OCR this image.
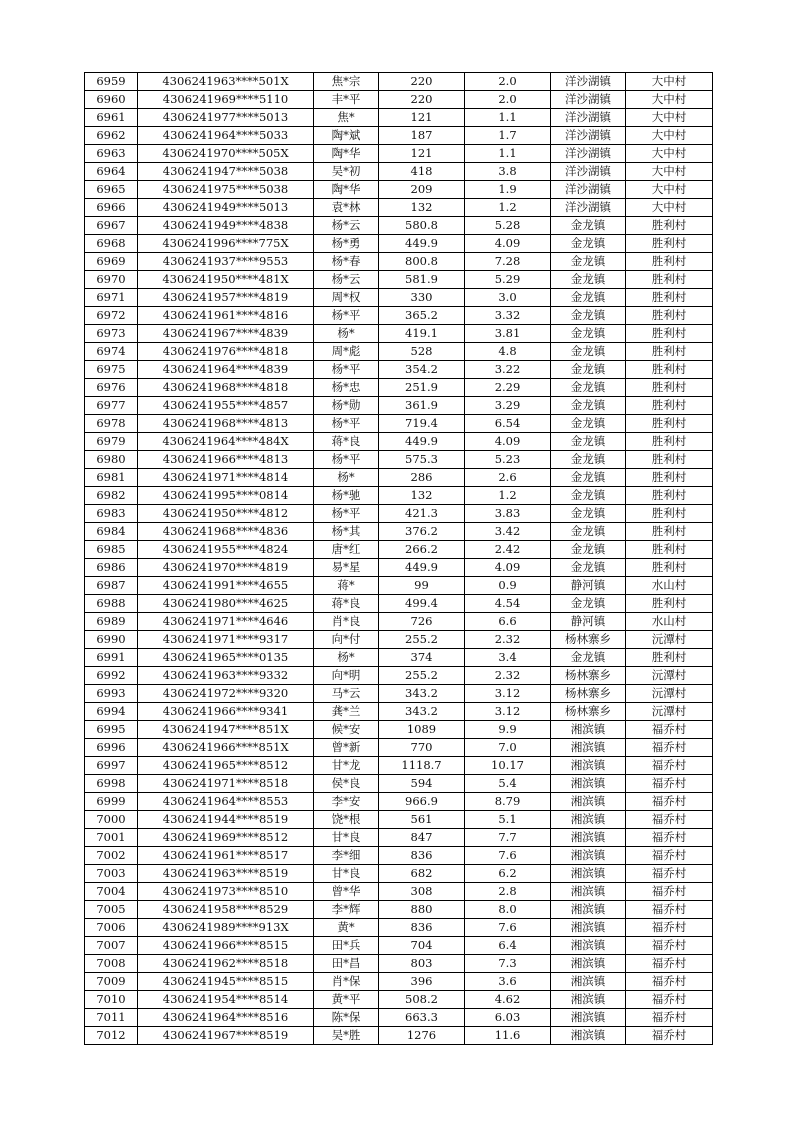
6959	4306241963****501X	焦*宗	220	2.0	洋沙湖镇	大中村
6960	4306241969****5110	丰*平	220	2.0	洋沙湖镇	大中村
6961	4306241977****5013	焦*	121	1.1	洋沙湖镇	大中村
6962	4306241964****5033	陶*斌	187	1.7	洋沙湖镇	大中村
6963	4306241970****505X	陶*华	121	1.1	洋沙湖镇	大中村
6964	4306241947****5038	吴*初	418	3.8	洋沙湖镇	大中村
6965	4306241975****5038	陶*华	209	1.9	洋沙湖镇	大中村
6966	4306241949****5013	袁*林	132	1.2	洋沙湖镇	大中村
6967	4306241949****4838	杨*云	580.8	5.28	金龙镇	胜利村
6968	4306241996****775X	杨*勇	449.9	4.09	金龙镇	胜利村
6969	4306241937****9553	杨*春	800.8	7.28	金龙镇	胜利村
6970	4306241950****481X	杨*云	581.9	5.29	金龙镇	胜利村
6971	4306241957****4819	周*权	330	3.0	金龙镇	胜利村
6972	4306241961****4816	杨*平	365.2	3.32	金龙镇	胜利村
6973	4306241967****4839	杨*	419.1	3.81	金龙镇	胜利村
6974	4306241976****4818	周*彪	528	4.8	金龙镇	胜利村
6975	4306241964****4839	杨*平	354.2	3.22	金龙镇	胜利村
6976	4306241968****4818	杨*忠	251.9	2.29	金龙镇	胜利村
6977	4306241955****4857	杨*勋	361.9	3.29	金龙镇	胜利村
6978	4306241968****4813	杨*平	719.4	6.54	金龙镇	胜利村
6979	4306241964****484X	蒋*良	449.9	4.09	金龙镇	胜利村
6980	4306241966****4813	杨*平	575.3	5.23	金龙镇	胜利村
6981	4306241971****4814	杨*	286	2.6	金龙镇	胜利村
6982	4306241995****0814	杨*驰	132	1.2	金龙镇	胜利村
6983	4306241950****4812	杨*平	421.3	3.83	金龙镇	胜利村
6984	4306241968****4836	杨*其	376.2	3.42	金龙镇	胜利村
6985	4306241955****4824	唐*红	266.2	2.42	金龙镇	胜利村
6986	4306241970****4819	易*星	449.9	4.09	金龙镇	胜利村
6987	4306241991****4655	蒋*	99	0.9	静河镇	水山村
6988	4306241980****4625	蒋*良	499.4	4.54	金龙镇	胜利村
6989	4306241971****4646	肖*良	726	6.6	静河镇	水山村
6990	4306241971****9317	向*付	255.2	2.32	杨林寨乡	沅潭村
6991	4306241965****0135	杨*	374	3.4	金龙镇	胜利村
6992	4306241963****9332	向*明	255.2	2.32	杨林寨乡	沅潭村
6993	4306241972****9320	马*云	343.2	3.12	杨林寨乡	沅潭村
6994	4306241966****9341	龚*兰	343.2	3.12	杨林寨乡	沅潭村
6995	4306241947****851X	候*安	1089	9.9	湘滨镇	福乔村
6996	4306241966****851X	曾*新	770	7.0	湘滨镇	福乔村
6997	4306241965****8512	甘*龙	1118.7	10.17	湘滨镇	福乔村
6998	4306241971****8518	侯*良	594	5.4	湘滨镇	福乔村
6999	4306241964****8553	李*安	966.9	8.79	湘滨镇	福乔村
7000	4306241944****8519	饶*根	561	5.1	湘滨镇	福乔村
7001	4306241969****8512	甘*良	847	7.7	湘滨镇	福乔村
7002	4306241961****8517	李*细	836	7.6	湘滨镇	福乔村
7003	4306241963****8519	甘*良	682	6.2	湘滨镇	福乔村
7004	4306241973****8510	曾*华	308	2.8	湘滨镇	福乔村
7005	4306241958****8529	李*辉	880	8.0	湘滨镇	福乔村
7006	4306241989****913X	黄*	836	7.6	湘滨镇	福乔村
7007	4306241966****8515	田*兵	704	6.4	湘滨镇	福乔村
7008	4306241962****8518	田*昌	803	7.3	湘滨镇	福乔村
7009	4306241945****8515	肖*保	396	3.6	湘滨镇	福乔村
7010	4306241954****8514	黄*平	508.2	4.62	湘滨镇	福乔村
7011	4306241964****8516	陈*保	663.3	6.03	湘滨镇	福乔村
7012	4306241967****8519	吴*胜	1276	11.6	湘滨镇	福乔村
